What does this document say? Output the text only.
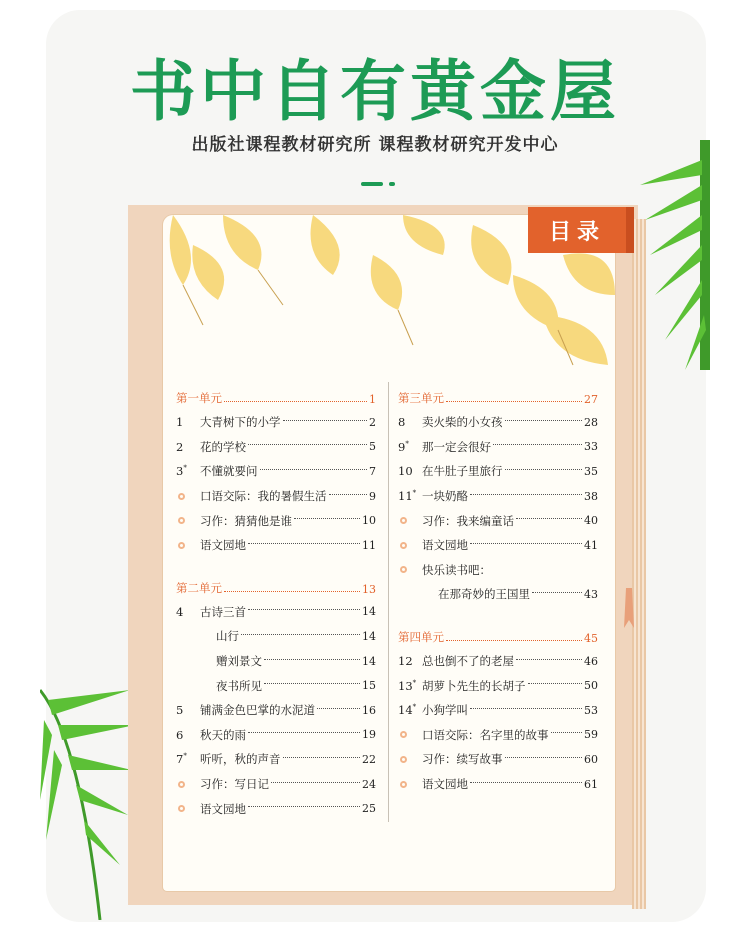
书中自有黄金屋
出版社课程教材研究所 课程教材研究开发中心
目录
第一单元	1
1	大青树下的小学	2
2	花的学校	5
3*	不懂就要问	7
口语交际：我的暑假生活	9
习作：猜猜他是谁	10
语文园地	11
第二单元	13
4	古诗三首	14
山行	14
赠刘景文	14
夜书所见	15
5	铺满金色巴掌的水泥道	16
6	秋天的雨	19
7*	听听，秋的声音	22
习作：写日记	24
语文园地	25
第三单元	27
8	卖火柴的小女孩	28
9*	那一定会很好	33
10 在牛肚子里旅行	35
11* 一块奶酪	38
习作：我来编童话	40
语文园地	41
快乐读书吧：
在那奇妙的王国里	43
第四单元	45
12 总也倒不了的老屋	46
13* 胡萝卜先生的长胡子	50
14* 小狗学叫	53
口语交际：名字里的故事	59
习作：续写故事	60
语文园地	61
